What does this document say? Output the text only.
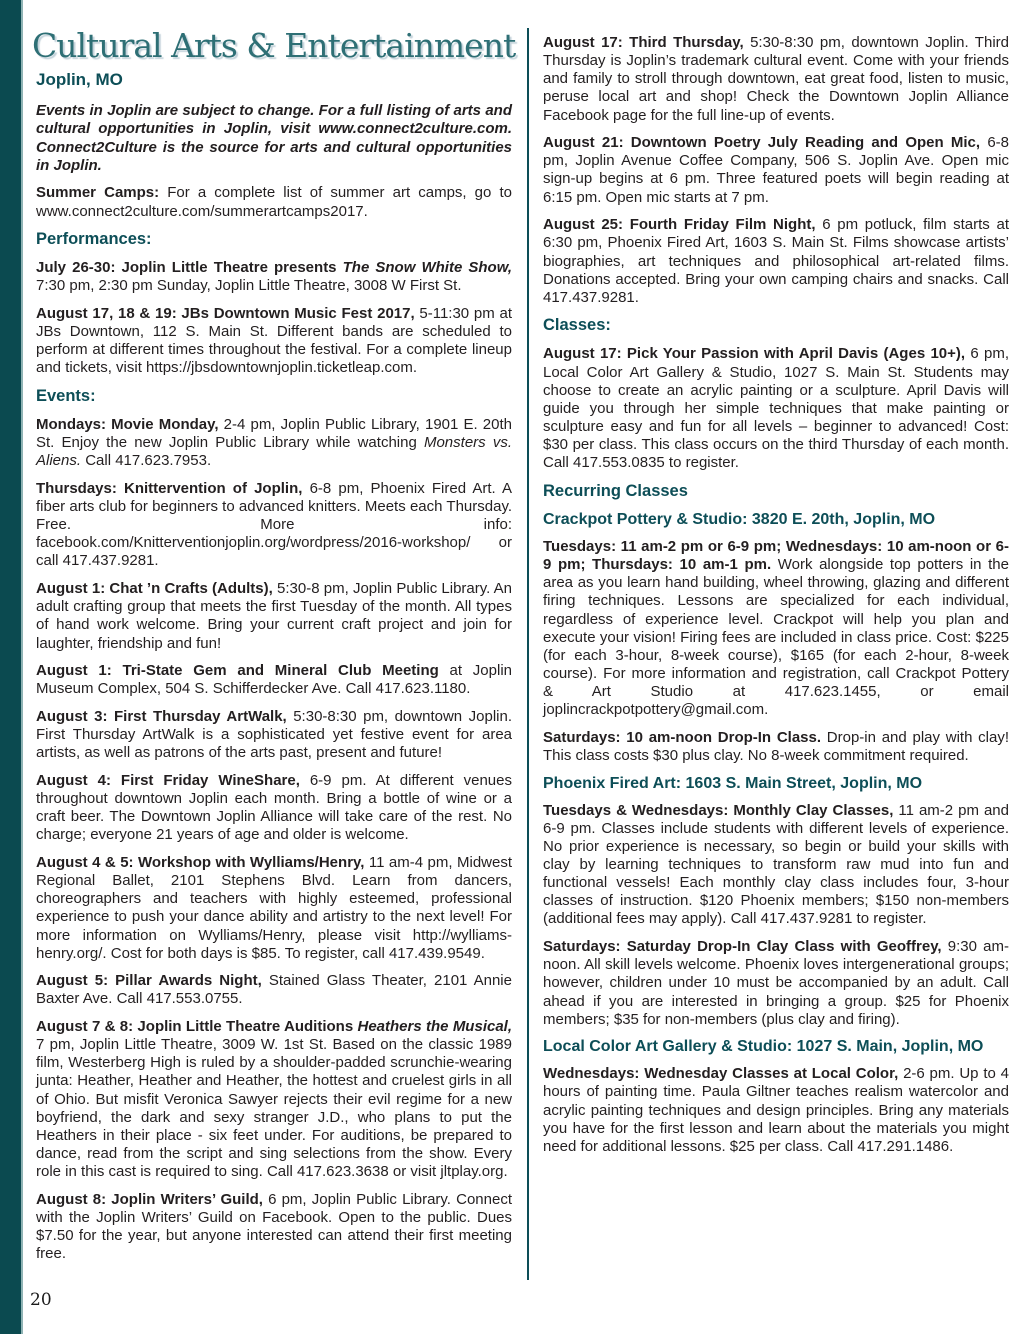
Cultural Arts & Entertainment
Joplin, MO

Events in Joplin are subject to change. For a full listing of arts and cultural opportunities in Joplin, visit www.connect2culture.com. Connect2Culture is the source for arts and cultural opportunities in Joplin.

Summer Camps: For a complete list of summer art camps, go to www.connect2culture.com/summerartcamps2017.

Performances:

July 26-30: Joplin Little Theatre presents The Snow White Show, 7:30 pm, 2:30 pm Sunday, Joplin Little Theatre, 3008 W First St.

August 17, 18 & 19: JBs Downtown Music Fest 2017, 5-11:30 pm at JBs Downtown, 112 S. Main St. Different bands are scheduled to perform at different times throughout the festival. For a complete lineup and tickets, visit https://jbsdowntownjoplin.ticketleap.com.

Events:

Mondays: Movie Monday, 2-4 pm, Joplin Public Library, 1901 E. 20th St. Enjoy the new Joplin Public Library while watching Monsters vs. Aliens. Call 417.623.7953.

Thursdays: Knittervention of Joplin, 6-8 pm, Phoenix Fired Art. A fiber arts club for beginners to advanced knitters. Meets each Thursday. Free. More info: facebook.com/Knitterventionjoplin.org/wordpress/2016-workshop/ or call 417.437.9281.

August 1: Chat ’n Crafts (Adults), 5:30-8 pm, Joplin Public Library. An adult crafting group that meets the first Tuesday of the month. All types of hand work welcome. Bring your current craft project and join for laughter, friendship and fun!

August 1: Tri-State Gem and Mineral Club Meeting at Joplin Museum Complex, 504 S. Schifferdecker Ave. Call 417.623.1180.

August 3: First Thursday ArtWalk, 5:30-8:30 pm, downtown Joplin. First Thursday ArtWalk is a sophisticated yet festive event for area artists, as well as patrons of the arts past, present and future!

August 4: First Friday WineShare, 6-9 pm. At different venues throughout downtown Joplin each month. Bring a bottle of wine or a craft beer. The Downtown Joplin Alliance will take care of the rest. No charge; everyone 21 years of age and older is welcome.

August 4 & 5: Workshop with Wylliams/Henry, 11 am-4 pm, Midwest Regional Ballet, 2101 Stephens Blvd. Learn from dancers, choreographers and teachers with highly esteemed, professional experience to push your dance ability and artistry to the next level! For more information on Wylliams/Henry, please visit http://wylliams-henry.org/. Cost for both days is $85. To register, call 417.439.9549.

August 5: Pillar Awards Night, Stained Glass Theater, 2101 Annie Baxter Ave. Call 417.553.0755.

August 7 & 8: Joplin Little Theatre Auditions Heathers the Musical, 7 pm, Joplin Little Theatre, 3009 W. 1st St. Based on the classic 1989 film, Westerberg High is ruled by a shoulder-padded scrunchie-wearing junta: Heather, Heather and Heather, the hottest and cruelest girls in all of Ohio. But misfit Veronica Sawyer rejects their evil regime for a new boyfriend, the dark and sexy stranger J.D., who plans to put the Heathers in their place - six feet under. For auditions, be prepared to dance, read from the script and sing selections from the show. Every role in this cast is required to sing. Call 417.623.3638 or visit jltplay.org.

August 8: Joplin Writers’ Guild, 6 pm, Joplin Public Library. Connect with the Joplin Writers’ Guild on Facebook. Open to the public. Dues $7.50 for the year, but anyone interested can attend their first meeting free.

August 17: Third Thursday, 5:30-8:30 pm, downtown Joplin. Third Thursday is Joplin’s trademark cultural event. Come with your friends and family to stroll through downtown, eat great food, listen to music, peruse local art and shop! Check the Downtown Joplin Alliance Facebook page for the full line-up of events.

August 21: Downtown Poetry July Reading and Open Mic, 6-8 pm, Joplin Avenue Coffee Company, 506 S. Joplin Ave. Open mic sign-up begins at 6 pm. Three featured poets will begin reading at 6:15 pm. Open mic starts at 7 pm.

August 25: Fourth Friday Film Night, 6 pm potluck, film starts at 6:30 pm, Phoenix Fired Art, 1603 S. Main St. Films showcase artists’ biographies, art techniques and philosophical art-related films. Donations accepted. Bring your own camping chairs and snacks. Call 417.437.9281.

Classes:

August 17: Pick Your Passion with April Davis (Ages 10+), 6 pm, Local Color Art Gallery & Studio, 1027 S. Main St. Students may choose to create an acrylic painting or a sculpture. April Davis will guide you through her simple techniques that make painting or sculpture easy and fun for all levels – beginner to advanced! Cost: $30 per class. This class occurs on the third Thursday of each month. Call 417.553.0835 to register.

Recurring Classes
Crackpot Pottery & Studio: 3820 E. 20th, Joplin, MO

Tuesdays: 11 am-2 pm or 6-9 pm; Wednesdays: 10 am-noon or 6-9 pm; Thursdays: 10 am-1 pm. Work alongside top potters in the area as you learn hand building, wheel throwing, glazing and different firing techniques. Lessons are specialized for each individual, regardless of experience level. Crackpot will help you plan and execute your vision! Firing fees are included in class price. Cost: $225 (for each 3-hour, 8-week course), $165 (for each 2-hour, 8-week course). For more information and registration, call Crackpot Pottery & Art Studio at 417.623.1455, or email joplincrackpotpottery@gmail.com.

Saturdays: 10 am-noon Drop-In Class. Drop-in and play with clay! This class costs $30 plus clay. No 8-week commitment required.

Phoenix Fired Art: 1603 S. Main Street, Joplin, MO

Tuesdays & Wednesdays: Monthly Clay Classes, 11 am-2 pm and 6-9 pm. Classes include students with different levels of experience. No prior experience is necessary, so begin or build your skills with clay by learning techniques to transform raw mud into fun and functional vessels! Each monthly clay class includes four, 3-hour classes of instruction. $120 Phoenix members; $150 non-members (additional fees may apply). Call 417.437.9281 to register.

Saturdays: Saturday Drop-In Clay Class with Geoffrey, 9:30 am-noon. All skill levels welcome. Phoenix loves intergenerational groups; however, children under 10 must be accompanied by an adult. Call ahead if you are interested in bringing a group. $25 for Phoenix members; $35 for non-members (plus clay and firing).

Local Color Art Gallery & Studio: 1027 S. Main, Joplin, MO

Wednesdays: Wednesday Classes at Local Color, 2-6 pm. Up to 4 hours of painting time. Paula Giltner teaches realism watercolor and acrylic painting techniques and design principles. Bring any materials you have for the first lesson and learn about the materials you might need for additional lessons. $25 per class. Call 417.291.1486.

20
